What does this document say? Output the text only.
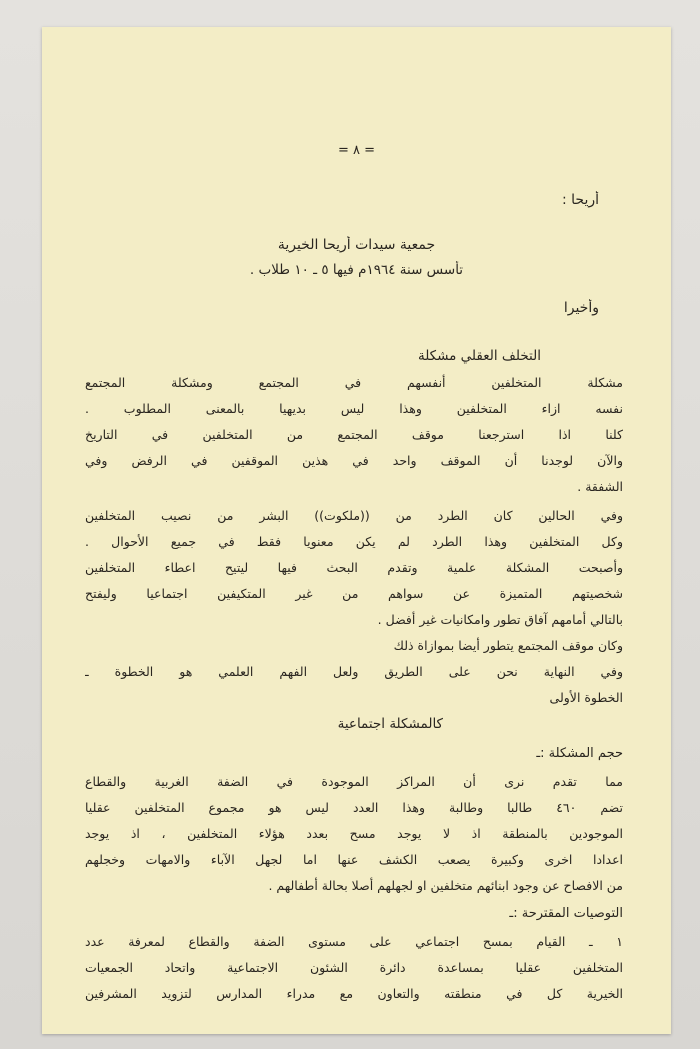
= ٨ =
أريحا :
جمعية سيدات أريحا الخيرية
تأسس سنة ١٩٦٤م فيها ٥ ـ ١٠ طلاب .
وأخيرا
التخلف العقلي مشكلة
مشكلة المتخلفين أنفسهم في المجتمع ومشكلة المجتمع
نفسه ازاء المتخلفين وهذا ليس بديهيا بالمعنى المطلوب .
كلنا اذا استرجعنا موقف المجتمع من المتخلفين في التاريخ
والآن لوجدنا أن الموقف واحد في هذين الموقفين في الرفض وفي
الشفقة .
وفي الحالين كان الطرد من ((ملكوت)) البشر من نصيب المتخلفين
وكل المتخلفين وهذا الطرد لم يكن معنويا فقط في جميع الأحوال .
وأصبحت المشكلة علمية وتقدم البحث فيها ليتيح اعطاء المتخلفين
شخصيتهم المتميزة عن سواهم من غير المتكيفين اجتماعيا وليفتح
بالتالي أمامهم آفاق تطور وامكانيات غير أفضل .
وكان موقف المجتمع يتطور أيضا بموازاة ذلك
وفي النهاية نحن على الطريق ولعل الفهم العلمي هو الخطوة ـ
الخطوة الأولى
كالمشكلة اجتماعية
حجم المشكلة :ـ
مما تقدم نرى أن المراكز الموجودة في الضفة الغربية والقطاع
تضم ٤٦٠ طالبا وطالبة وهذا العدد ليس هو مجموع المتخلفين عقليا
الموجودين بالمنطقة اذ لا يوجد مسح بعدد هؤلاء المتخلفين ، اذ يوجد
اعدادا اخرى وكبيرة يصعب الكشف عنها اما لجهل الآباء والامهات وخجلهم
من الافصاح عن وجود ابنائهم متخلفين او لجهلهم أصلا بحالة أطفالهم .
التوصيات المقترحة :ـ
١ ـ القيام بمسح اجتماعي على مستوى الضفة والقطاع لمعرفة عدد
المتخلفين عقليا بمساعدة دائرة الشئون الاجتماعية واتحاد الجمعيات
الخيرية كل في منطقته والتعاون مع مدراء المدارس لتزويد المشرفين
